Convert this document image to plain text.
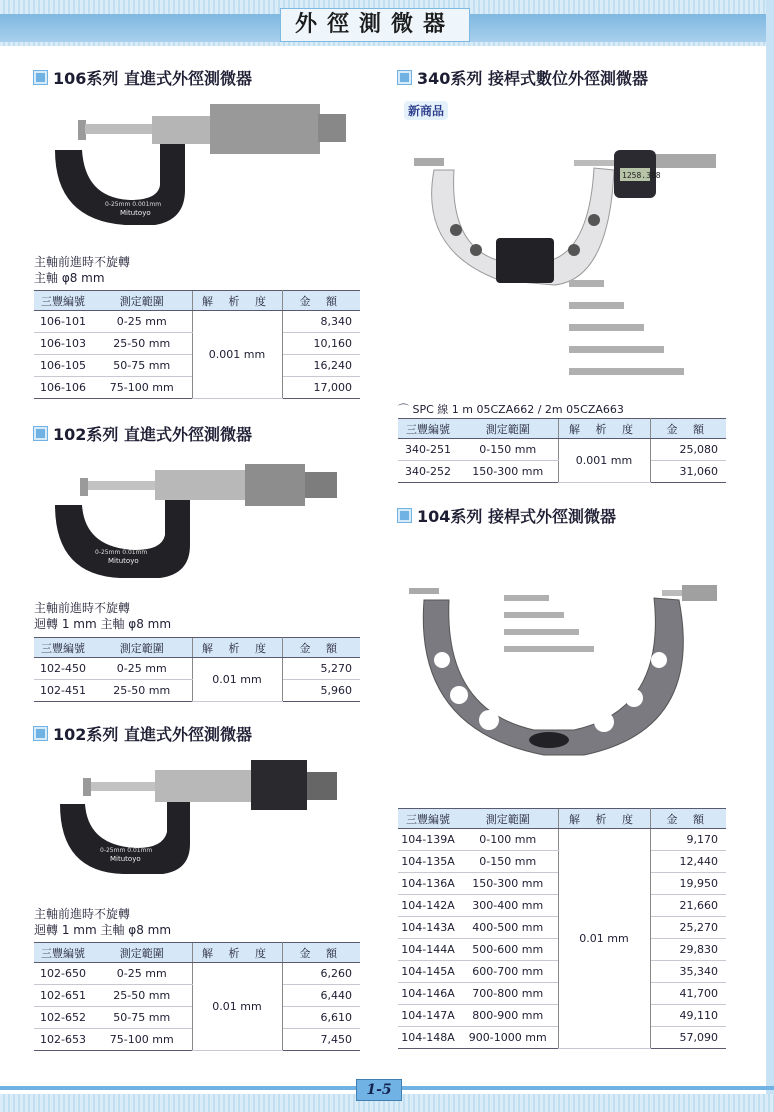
外徑測微器
106系列 直進式外徑測微器
0-25mm 0.001mm
Mitutoyo
主軸前進時不旋轉
主軸 φ8 mm
三豐編號	測定範圍	解 析 度	金 額
106-101	0-25 mm	0.001 mm	8,340
106-103	25-50 mm		10,160
106-105	50-75 mm		16,240
106-106	75-100 mm		17,000
102系列 直進式外徑測微器
0-25mm 0.01mm
Mitutoyo
主軸前進時不旋轉
迴轉 1 mm 主軸 φ8 mm
三豐編號	測定範圍	解 析 度	金 額
102-450	0-25 mm	0.01 mm	5,270
102-451	25-50 mm		5,960
102系列 直進式外徑測微器
0-25mm 0.01mm
Mitutoyo
主軸前進時不旋轉
迴轉 1 mm 主軸 φ8 mm
三豐編號	測定範圍	解 析 度	金 額
102-650	0-25 mm	0.01 mm	6,260
102-651	25-50 mm		6,440
102-652	50-75 mm		6,610
102-653	75-100 mm		7,450
340系列 接桿式數位外徑測微器
新商品
1258.388
⌒ SPC 線 1 m 05CZA662 / 2m 05CZA663
三豐編號	測定範圍	解 析 度	金 額
340-251	0-150 mm	0.001 mm	25,080
340-252	150-300 mm		31,060
104系列 接桿式外徑測微器
三豐編號	測定範圍	解 析 度	金 額
104-139A	0-100 mm	0.01 mm	9,170
104-135A	0-150 mm		12,440
104-136A	150-300 mm		19,950
104-142A	300-400 mm		21,660
104-143A	400-500 mm		25,270
104-144A	500-600 mm		29,830
104-145A	600-700 mm		35,340
104-146A	700-800 mm		41,700
104-147A	800-900 mm		49,110
104-148A	900-1000 mm		57,090
1-5
